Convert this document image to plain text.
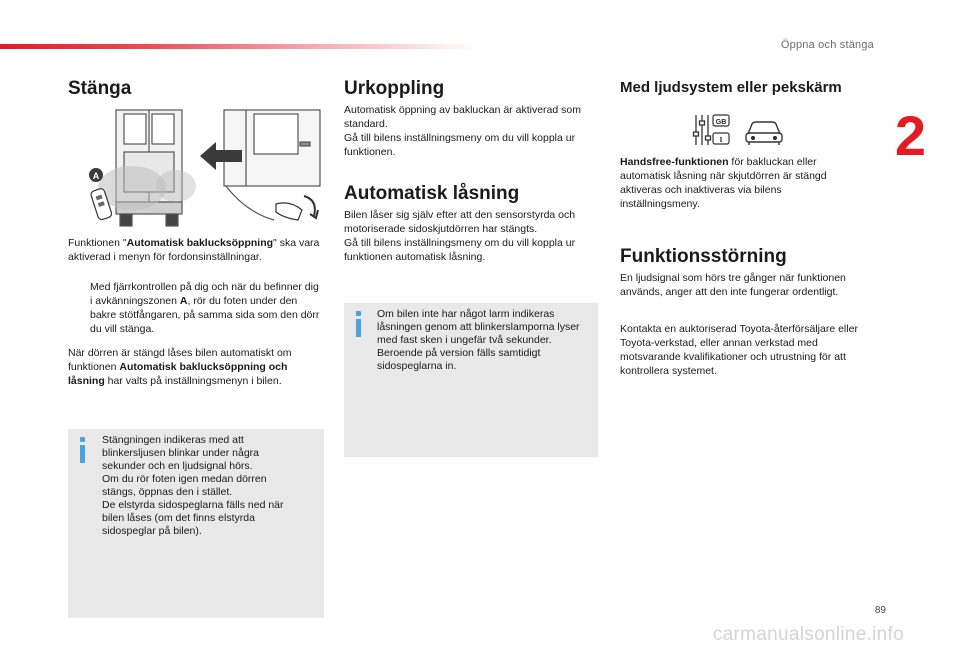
Öppna och stänga
2
Stänga
A

Funktionen "Automatisk baklucksöppning" ska vara aktiverad i menyn för fordonsinställningar.

Med fjärrkontrollen på dig och när du befinner dig i avkänningszonen A, rör du foten under den bakre stötfångaren, på samma sida som den dörr du vill stänga.

När dörren är stängd låses bilen automatiskt om funktionen Automatisk baklucksöppning och låsning har valts på inställningsmenyn i bilen.

Stängningen indikeras med att blinkersljusen blinkar under några sekunder och en ljudsignal hörs.
Om du rör foten igen medan dörren stängs, öppnas den i stället.
De elstyrda sidospeglarna fälls ned när bilen låses (om det finns elstyrda sidospeglar på bilen).

Urkoppling

Automatisk öppning av bakluckan är aktiverad som standard.
Gå till bilens inställningsmeny om du vill koppla ur funktionen.

Automatisk låsning

Bilen låser sig själv efter att den sensorstyrda och motoriserade sidoskjutdörren har stängts.
Gå till bilens inställningsmeny om du vill koppla ur funktionen automatisk låsning.

Om bilen inte har något larm indikeras låsningen genom att blinkerslamporna lyser med fast sken i ungefär två sekunder.
Beroende på version fälls samtidigt sidospeglarna in.

Med ljudsystem eller pekskärm
GB
I

Handsfree-funktionen för bakluckan eller automatisk låsning när skjutdörren är stängd aktiveras och inaktiveras via bilens inställningsmeny.

Funktionsstörning

En ljudsignal som hörs tre gånger när funktionen används, anger att den inte fungerar ordentligt.

Kontakta en auktoriserad Toyota-återförsäljare eller Toyota-verkstad, eller annan verkstad med motsvarande kvalifikationer och utrustning för att kontrollera systemet.

89
carmanualsonline.info
